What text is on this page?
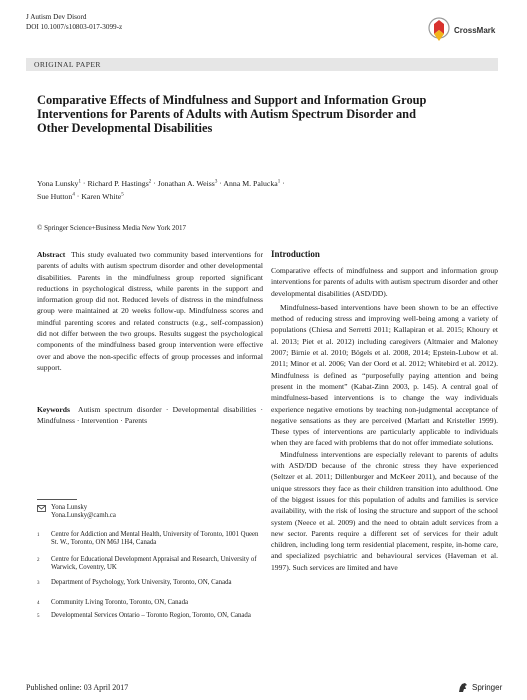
J Autism Dev Disord
DOI 10.1007/s10803-017-3099-z	CrossMark
ORIGINAL PAPER
Comparative Effects of Mindfulness and Support and Information Group Interventions for Parents of Adults with Autism Spectrum Disorder and Other Developmental Disabilities
Yona Lunsky$^1$ · Richard P. Hastings$^2$ · Jonathan A. Weiss$^3$ · Anna M. Palucka$^1$ ·
Sue Hutton$^4$ · Karen White$^5$
© Springer Science+Business Media New York 2017
Abstract This study evaluated two community based interventions for parents of adults with autism spectrum disorder and other developmental disabilities. Parents in the mindfulness group reported significant reductions in psychological distress, while parents in the support and information group did not. Reduced levels of distress in the mindfulness group were maintained at 20 weeks follow-up. Mindfulness scores and mindful parenting scores and related constructs (e.g., self-compassion) did not differ between the two groups. Results suggest the psychological components of the mindfulness based group intervention were effective over and above the non-specific effects of group processes and informal support.
Keywords Autism spectrum disorder · Developmental disabilities · Mindfulness · Intervention · Parents
Yona Lunsky
Yona.Lunsky@camh.ca
1	Centre for Addiction and Mental Health, University of Toronto, 1001 Queen St. W., Toronto, ON M6J 1H4, Canada
2	Centre for Educational Development Appraisal and Research, University of Warwick, Coventry, UK
3	Department of Psychology, York University, Toronto, ON, Canada
4	Community Living Toronto, Toronto, ON, Canada
5	Developmental Services Ontario – Toronto Region, Toronto, ON, Canada
Introduction

Comparative effects of mindfulness and support and information group interventions for parents of adults with autism spectrum disorder and other developmental disabilities (ASD/DD).

Mindfulness-based interventions have been shown to be an effective method of reducing stress and improving well-being among a variety of populations (Chiesa and Serretti 2011; Kallapiran et al. 2015; Khoury et al. 2013; Piet et al. 2012) including caregivers (Altmaier and Maloney 2007; Birnie et al. 2010; Bögels et al. 2008, 2014; Epstein-Lubow et al. 2011; Minor et al. 2006; Van der Oord et al. 2012; Whitebird et al. 2012). Mindfulness is defined as “purposefully paying attention and being present in the moment” (Kabat-Zinn 2003, p. 145). A central goal of mindfulness-based interventions is to change the way individuals experience negative emotions by teaching non-judgmental acceptance of negative sensations as they are perceived (Marlatt and Kristeller 1999). These types of interventions are particularly applicable to individuals when they are faced with problems that do not offer immediate solutions.

Mindfulness interventions are especially relevant to parents of adults with ASD/DD because of the chronic stress they have experienced (Seltzer et al. 2011; Dillenburger and McKeer 2011), and because of the unique stressors they face as their children transition into adulthood. One of the biggest issues for this population of adults and families is service availability, with the risk of losing the structure and support of the school system (Neece et al. 2009) and the need to obtain adult services from a new sector. Parents require a different set of services for their adult children, including long term residential placement, respite, in-home care, and specialized psychiatric and behavioural services (Haveman et al. 1997). Such services are limited and have

Published online: 03 April 2017	Springer
